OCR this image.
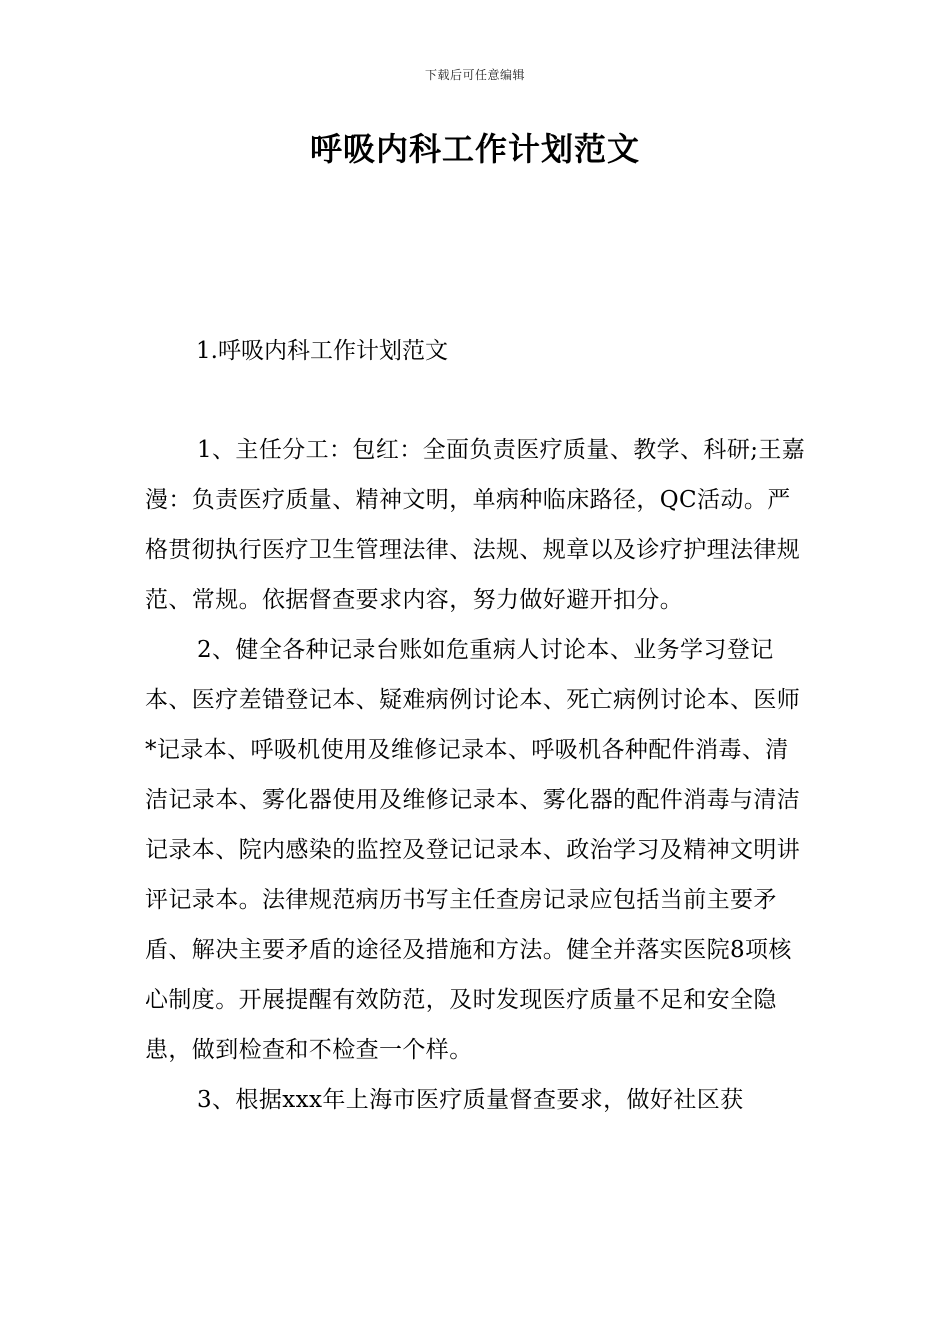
下载后可任意编辑
呼吸内科工作计划范文

1.呼吸内科工作计划范文

1、主任分工：包红：全面负责医疗质量、教学、科研;王嘉漫：负责医疗质量、精神文明，单病种临床路径，QC活动。严格贯彻执行医疗卫生管理法律、法规、规章以及诊疗护理法律规范、常规。依据督查要求内容，努力做好避开扣分。

2、健全各种记录台账如危重病人讨论本、业务学习登记本、医疗差错登记本、疑难病例讨论本、死亡病例讨论本、医师*记录本、呼吸机使用及维修记录本、呼吸机各种配件消毒、清洁记录本、雾化器使用及维修记录本、雾化器的配件消毒与清洁记录本、院内感染的监控及登记记录本、政治学习及精神文明讲评记录本。法律规范病历书写主任查房记录应包括当前主要矛盾、解决主要矛盾的途径及措施和方法。健全并落实医院8项核心制度。开展提醒有效防范，及时发现医疗质量不足和安全隐患，做到检查和不检查一个样。

3、根据xxx年上海市医疗质量督查要求，做好社区获
